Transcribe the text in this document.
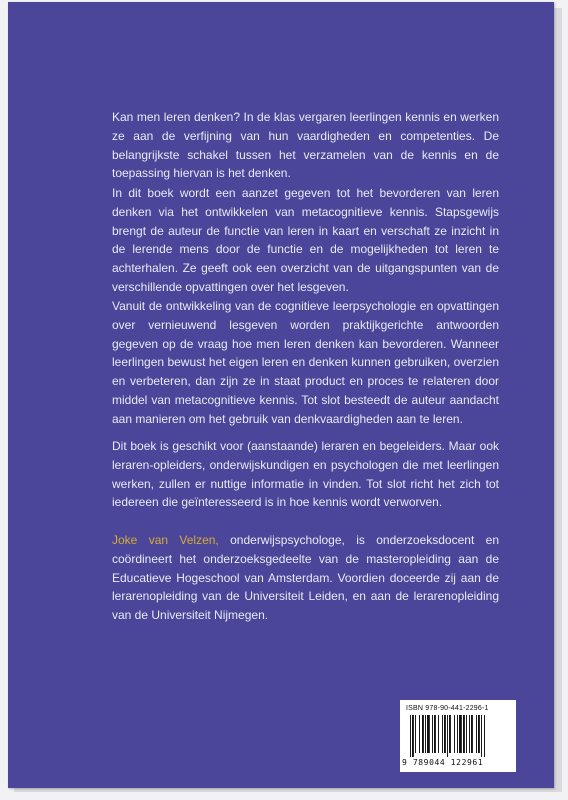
Kan men leren denken? In de klas vergaren leerlingen kennis en werken ze aan de verfijning van hun vaardigheden en competenties. De belangrijkste schakel tussen het verzamelen van de kennis en de toepassing hiervan is het denken.
In dit boek wordt een aanzet gegeven tot het bevorderen van leren denken via het ontwikkelen van metacognitieve kennis. Stapsgewijs brengt de auteur de functie van leren in kaart en verschaft ze inzicht in de lerende mens door de functie en de mogelijkheden tot leren te achterhalen. Ze geeft ook een overzicht van de uitgangspunten van de verschillende opvattingen over het lesgeven.
Vanuit de ontwikkeling van de cognitieve leerpsychologie en opvattingen over vernieuwend lesgeven worden praktijkgerichte antwoorden gegeven op de vraag hoe men leren denken kan bevorderen. Wanneer leerlingen bewust het eigen leren en denken kunnen gebruiken, overzien en verbeteren, dan zijn ze in staat product en proces te relateren door middel van metacognitieve kennis. Tot slot besteedt de auteur aandacht aan manieren om het gebruik van denkvaardigheden aan te leren.
Dit boek is geschikt voor (aanstaande) leraren en begeleiders. Maar ook leraren-opleiders, onderwijskundigen en psychologen die met leerlingen werken, zullen er nuttige informatie in vinden. Tot slot richt het zich tot iedereen die geïnteresseerd is in hoe kennis wordt verworven.
Joke van Velzen, onderwijspsychologe, is onderzoeksdocent en coördineert het onderzoeksgedeelte van de masteropleiding aan de Educatieve Hogeschool van Amsterdam. Voordien doceerde zij aan de lerarenopleiding van de Universiteit Leiden, en aan de lerarenopleiding van de Universiteit Nijmegen.
ISBN 978-90-441-2296-1
9 789044 122961
